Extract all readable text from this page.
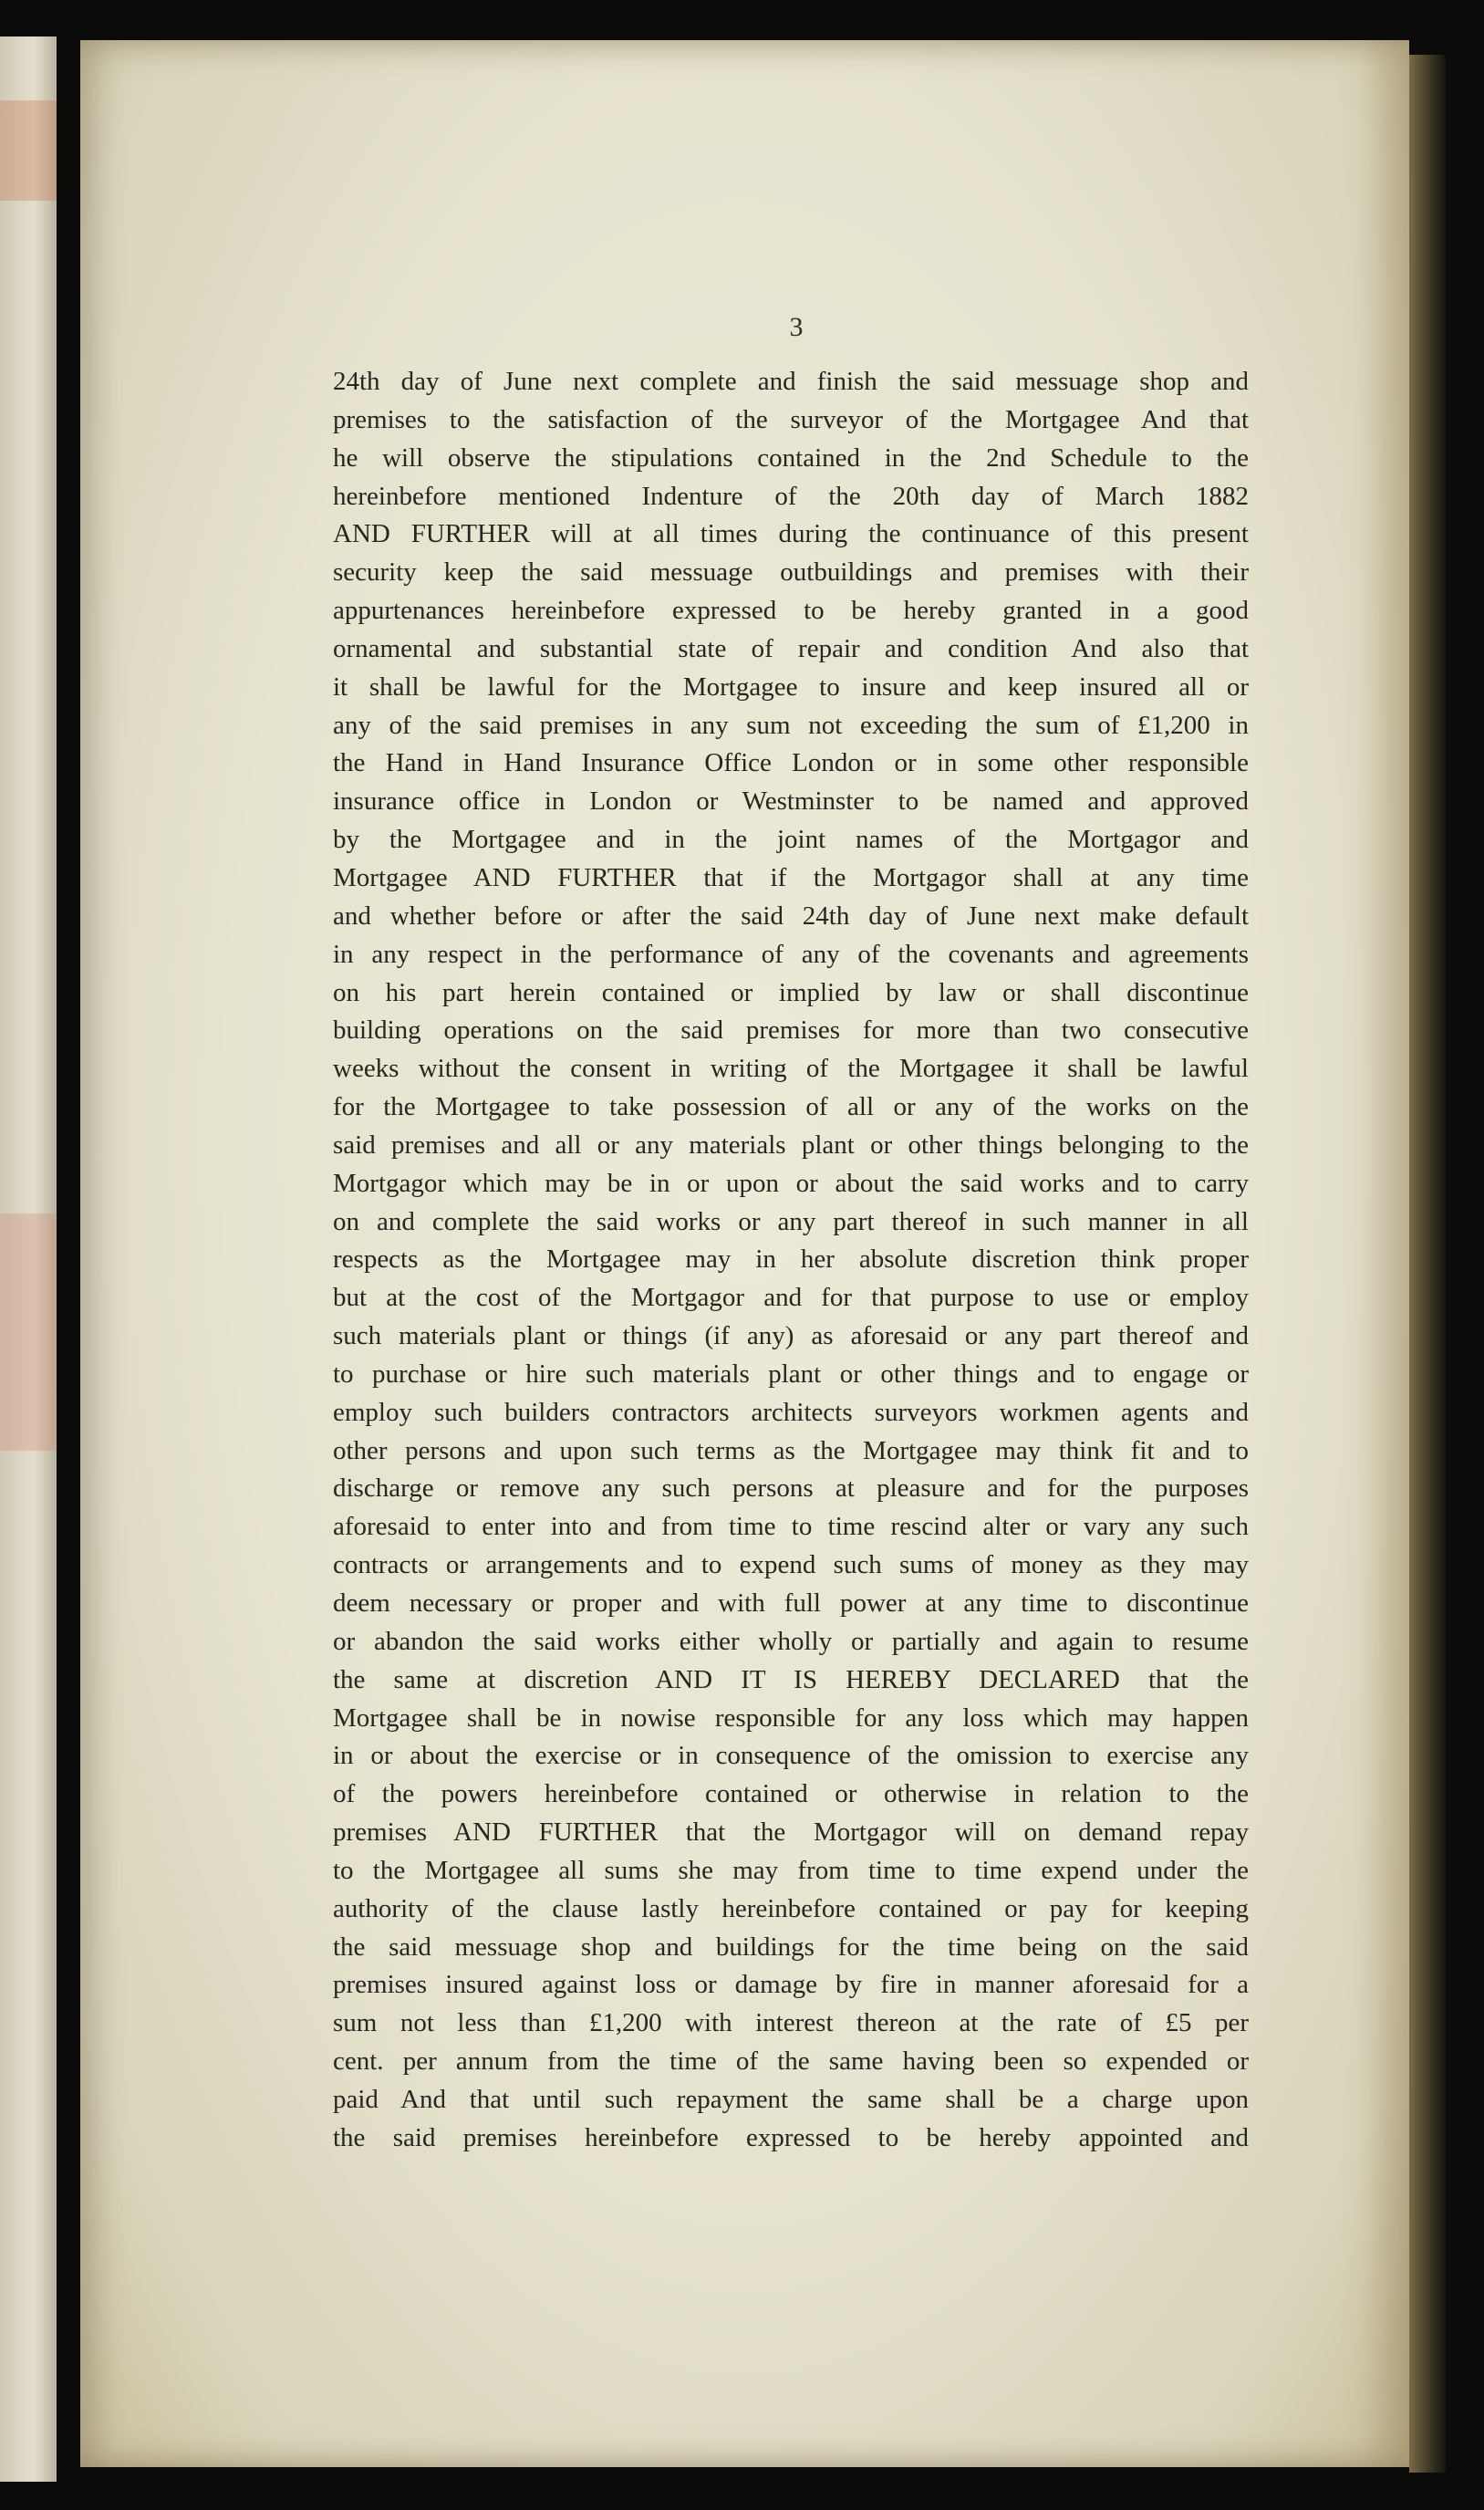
3
24th day of June next complete and finish the said messuage shop and
premises to the satisfaction of the surveyor of the Mortgagee And that
he will observe the stipulations contained in the 2nd Schedule to the
hereinbefore mentioned Indenture of the 20th day of March 1882
AND FURTHER will at all times during the continuance of this present
security keep the said messuage outbuildings and premises with their
appurtenances hereinbefore expressed to be hereby granted in a good
ornamental and substantial state of repair and condition And also that
it shall be lawful for the Mortgagee to insure and keep insured all or
any of the said premises in any sum not exceeding the sum of £1,200 in
the Hand in Hand Insurance Office London or in some other responsible
insurance office in London or Westminster to be named and approved
by the Mortgagee and in the joint names of the Mortgagor and
Mortgagee AND FURTHER that if the Mortgagor shall at any time
and whether before or after the said 24th day of June next make default
in any respect in the performance of any of the covenants and agreements
on his part herein contained or implied by law or shall discontinue
building operations on the said premises for more than two consecutive
weeks without the consent in writing of the Mortgagee it shall be lawful
for the Mortgagee to take possession of all or any of the works on the
said premises and all or any materials plant or other things belonging to the
Mortgagor which may be in or upon or about the said works and to carry
on and complete the said works or any part thereof in such manner in all
respects as the Mortgagee may in her absolute discretion think proper
but at the cost of the Mortgagor and for that purpose to use or employ
such materials plant or things (if any) as aforesaid or any part thereof and
to purchase or hire such materials plant or other things and to engage or
employ such builders contractors architects surveyors workmen agents and
other persons and upon such terms as the Mortgagee may think fit and to
discharge or remove any such persons at pleasure and for the purposes
aforesaid to enter into and from time to time rescind alter or vary any such
contracts or arrangements and to expend such sums of money as they may
deem necessary or proper and with full power at any time to discontinue
or abandon the said works either wholly or partially and again to resume
the same at discretion AND IT IS HEREBY DECLARED that the
Mortgagee shall be in nowise responsible for any loss which may happen
in or about the exercise or in consequence of the omission to exercise any
of the powers hereinbefore contained or otherwise in relation to the
premises AND FURTHER that the Mortgagor will on demand repay
to the Mortgagee all sums she may from time to time expend under the
authority of the clause lastly hereinbefore contained or pay for keeping
the said messuage shop and buildings for the time being on the said
premises insured against loss or damage by fire in manner aforesaid for a
sum not less than £1,200 with interest thereon at the rate of £5 per
cent. per annum from the time of the same having been so expended or
paid And that until such repayment the same shall be a charge upon
the said premises hereinbefore expressed to be hereby appointed and
